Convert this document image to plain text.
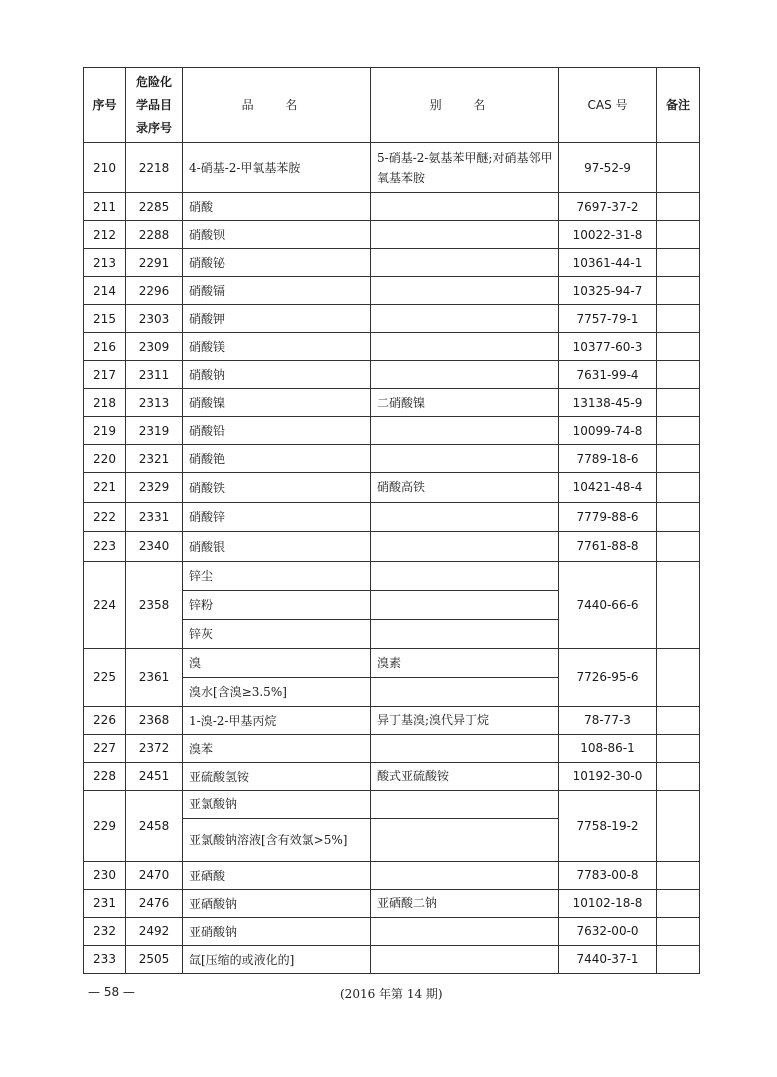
序号	危险化学品目录序号	品 名	别 名	CAS 号	备注
210	2218	4-硝基-2-甲氧基苯胺	5-硝基-2-氨基苯甲醚;对硝基邻甲氧基苯胺	97-52-9	
211	2285	硝酸		7697-37-2	
212	2288	硝酸钡		10022-31-8	
213	2291	硝酸铋		10361-44-1	
214	2296	硝酸镉		10325-94-7	
215	2303	硝酸钾		7757-79-1	
216	2309	硝酸镁		10377-60-3	
217	2311	硝酸钠		7631-99-4	
218	2313	硝酸镍	二硝酸镍	13138-45-9	
219	2319	硝酸铅		10099-74-8	
220	2321	硝酸铯		7789-18-6	
221	2329	硝酸铁	硝酸高铁	10421-48-4	
222	2331	硝酸锌		7779-88-6	
223	2340	硝酸银		7761-88-8	
224	2358	锌尘		7440-66-6	

		锌粉			

		锌灰			

225	2361	溴	溴素	7726-95-6	

		溴水[含溴≥3.5%]			

226	2368	1-溴-2-甲基丙烷	异丁基溴;溴代异丁烷	78-77-3	
227	2372	溴苯		108-86-1	
228	2451	亚硫酸氢铵	酸式亚硫酸铵	10192-30-0	
229	2458	亚氯酸钠		7758-19-2	

		亚氯酸钠溶液[含有效氯>5%]			

230	2470	亚硒酸		7783-00-8	
231	2476	亚硒酸钠	亚硒酸二钠	10102-18-8	
232	2492	亚硝酸钠		7632-00-0	
233	2505	氙[压缩的或液化的]		7440-37-1	
— 58 —	(2016 年第 14 期)
